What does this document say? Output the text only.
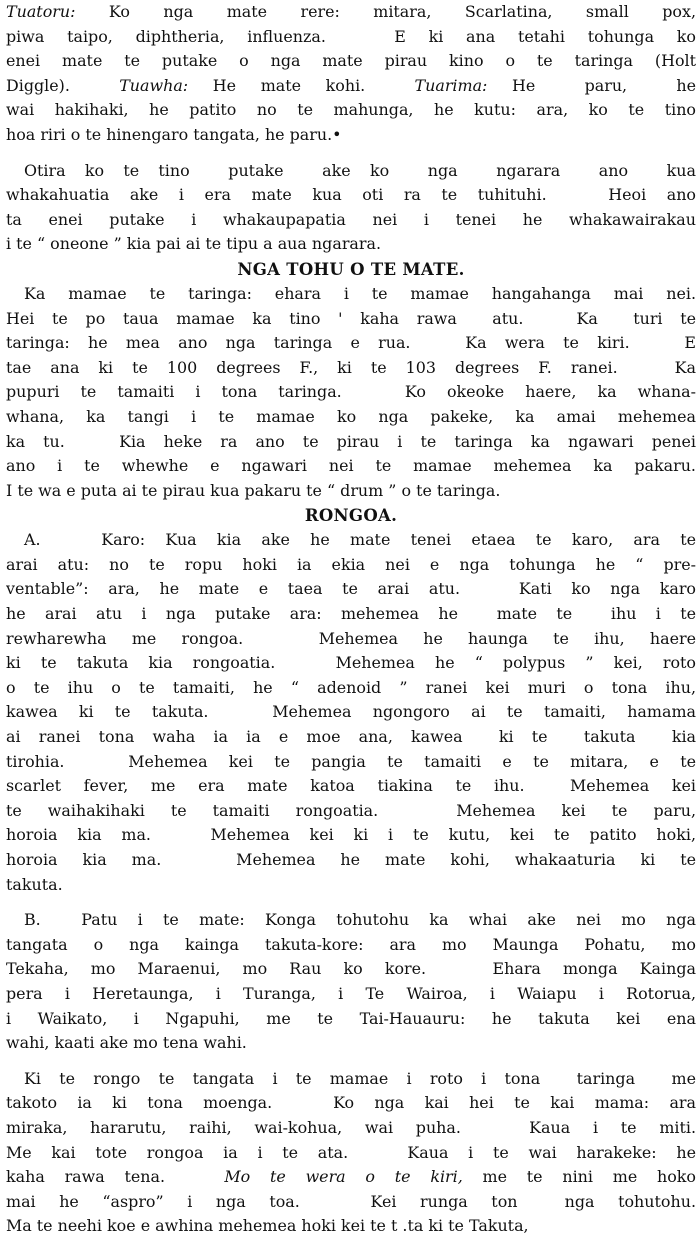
Tuatoru: Ko nga mate rere: mitara, Scarlatina, small pox,
piwa taipo, diphtheria, influenza.   E ki ana tetahi tohunga ko
enei mate te putake o nga mate pirau kino o te taringa (Holt
Diggle).  Tuawha: He mate kohi.  Tuarima: He  paru,  he
wai hakihaki, he patito no te mahunga, he kutu: ara, ko te tino
hoa riri o te hinengaro tangata, he paru.•
Otira ko te tino  putake  ake ko  nga  ngarara  ano  kua
whakahuatia ake i era mate kua oti ra te tuhituhi.   Heoi ano
ta enei putake i whakaupapatia nei i tenei he whakawairakau
i te “ oneone ” kia pai ai te tipu a aua ngarara.
NGA TOHU O TE MATE.
Ka mamae te taringa: ehara i te mamae hangahanga mai nei.
Hei te po taua mamae ka tino ' kaha rawa  atu.   Ka  turi te
taringa: he mea ano nga taringa e rua.   Ka wera te kiri.   E
tae ana ki te 100 degrees F., ki te 103 degrees F. ranei.   Ka
pupuri te tamaiti i tona taringa.   Ko okeoke haere, ka whana-
whana, ka tangi i te mamae ko nga pakeke, ka amai mehemea
ka tu.   Kia heke ra ano te pirau i te taringa ka ngawari penei
ano i te whewhe e ngawari nei te mamae mehemea ka pakaru.
I te wa e puta ai te pirau kua pakaru te “ drum ” o te taringa.
RONGOA.
A.   Karo: Kua kia ake he mate tenei etaea te karo, ara te
arai atu: no te ropu hoki ia ekia nei e nga tohunga he “ pre-
ventable”: ara, he mate e taea te arai atu.   Kati ko nga karo
he arai atu i nga putake ara: mehemea he  mate te  ihu i te
rewharewha me rongoa.   Mehemea he haunga te ihu, haere
ki te takuta kia rongoatia.   Mehemea he “ polypus ” kei, roto
o te ihu o te tamaiti, he “ adenoid ” ranei kei muri o tona ihu,
kawea ki te takuta.   Mehemea ngongoro ai te tamaiti, hamama
ai ranei tona waha ia ia e moe ana, kawea  ki te  takuta  kia
tirohia.   Mehemea kei te pangia te tamaiti e te mitara, e te
scarlet fever, me era mate katoa tiakina te ihu.  Mehemea kei
te waihakihaki te tamaiti rongoatia.   Mehemea kei te paru,
horoia kia ma.   Mehemea kei ki i te kutu, kei te patito hoki,
horoia kia ma.   Mehemea he mate kohi, whakaaturia ki te
takuta.
B.  Patu i te mate: Konga tohutohu ka whai ake nei mo nga
tangata o nga kainga takuta-kore: ara mo Maunga Pohatu, mo
Tekaha, mo Maraenui, mo Rau ko kore.   Ehara monga Kainga
pera i Heretaunga, i Turanga, i Te Wairoa, i Waiapu i Rotorua,
i Waikato, i Ngapuhi, me te Tai-Hauauru: he takuta kei ena
wahi, kaati ake mo tena wahi.
Ki te rongo te tangata i te mamae i roto i tona  taringa  me
takoto ia ki tona moenga.   Ko nga kai hei te kai mama: ara
miraka, hararutu, raihi, wai-kohua, wai puha.   Kaua i te miti.
Me kai tote rongoa ia i te ata.   Kaua i te wai harakeke: he
kaha rawa tena.   Mo te wera o te kiri, me te nini me hoko
mai he “aspro” i nga toa.   Kei runga ton  nga tohutohu.
Ma te neehi koe e awhina mehemea hoki kei te t .ta ki te Takuta,
